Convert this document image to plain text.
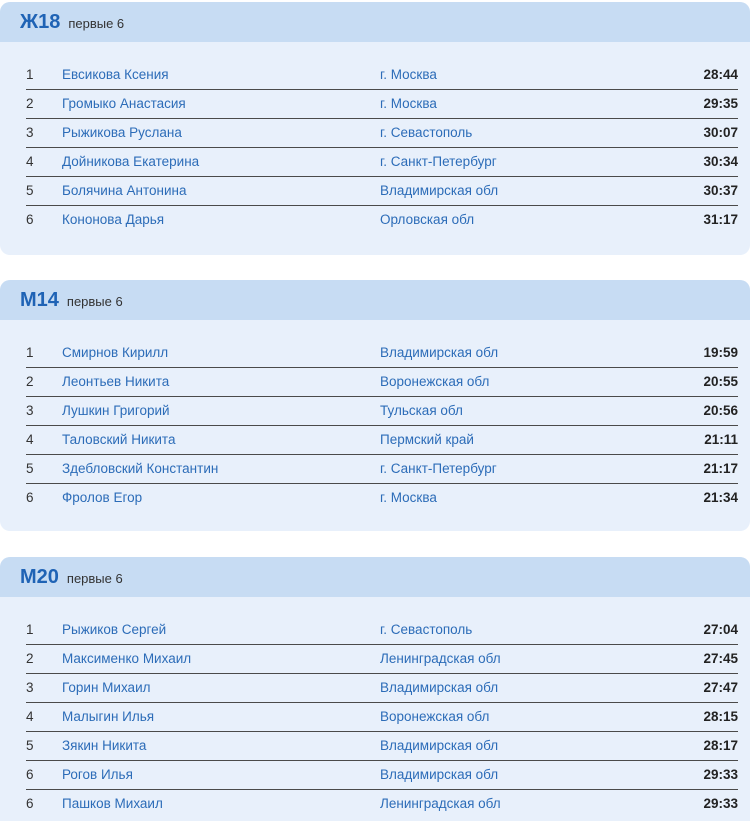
Ж18 первые 6
1 Евсикова Ксения	г. Москва	28:44
2 Громыко Анастасия	г. Москва	29:35
3 Рыжикова Руслана	г. Севастополь	30:07
4 Дойникова Екатерина	г. Санкт-Петербург	30:34
5 Болячина Антонина	Владимирская обл	30:37
6 Кононова Дарья	Орловская обл	31:17
М14 первые 6
1 Смирнов Кирилл	Владимирская обл	19:59
2 Леонтьев Никита	Воронежская обл	20:55
3 Лушкин Григорий	Тульская обл	20:56
4 Таловский Никита	Пермский край	21:11
5 Здебловский Константин	г. Санкт-Петербург	21:17
6 Фролов Егор	г. Москва	21:34
М20 первые 6
1 Рыжиков Сергей	г. Севастополь	27:04
2 Максименко Михаил	Ленинградская обл	27:45
3 Горин Михаил	Владимирская обл	27:47
4 Малыгин Илья	Воронежская обл	28:15
5 Зякин Никита	Владимирская обл	28:17
6 Рогов Илья	Владимирская обл	29:33
6 Пашков Михаил	Ленинградская обл	29:33
